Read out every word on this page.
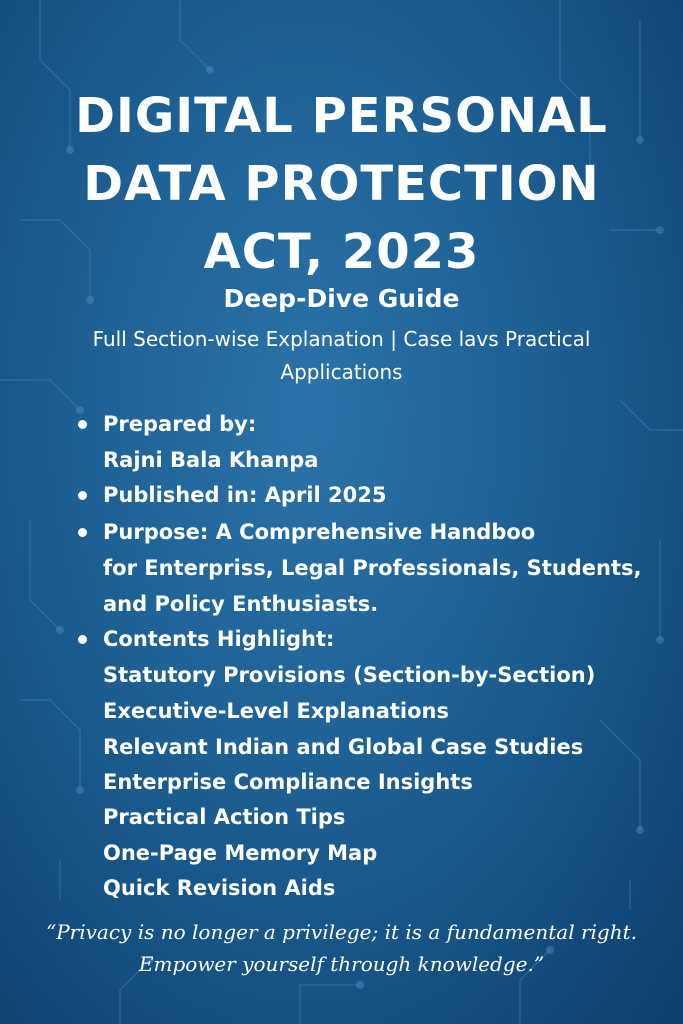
DIGITAL PERSONAL
DATA PROTECTION
ACT, 2023
Deep-Dive Guide

Full Section-wise Explanation | Case lavs Practical
Applications

Prepared by:
Rajni Bala Khanpa
Published in: April 2025
Purpose: A Comprehensive Handboo
for Enterpriss, Legal Professionals, Students,
and Policy Enthusiasts.
Contents Highlight:
Statutory Provisions (Section-by-Section)
Executive-Level Explanations
Relevant Indian and Global Case Studies
Enterprise Compliance Insights
Practical Action Tips
One-Page Memory Map
Quick Revision Aids
“Privacy is no longer a privilege; it is a fundamental right.
Empower yourself through knowledge.”
